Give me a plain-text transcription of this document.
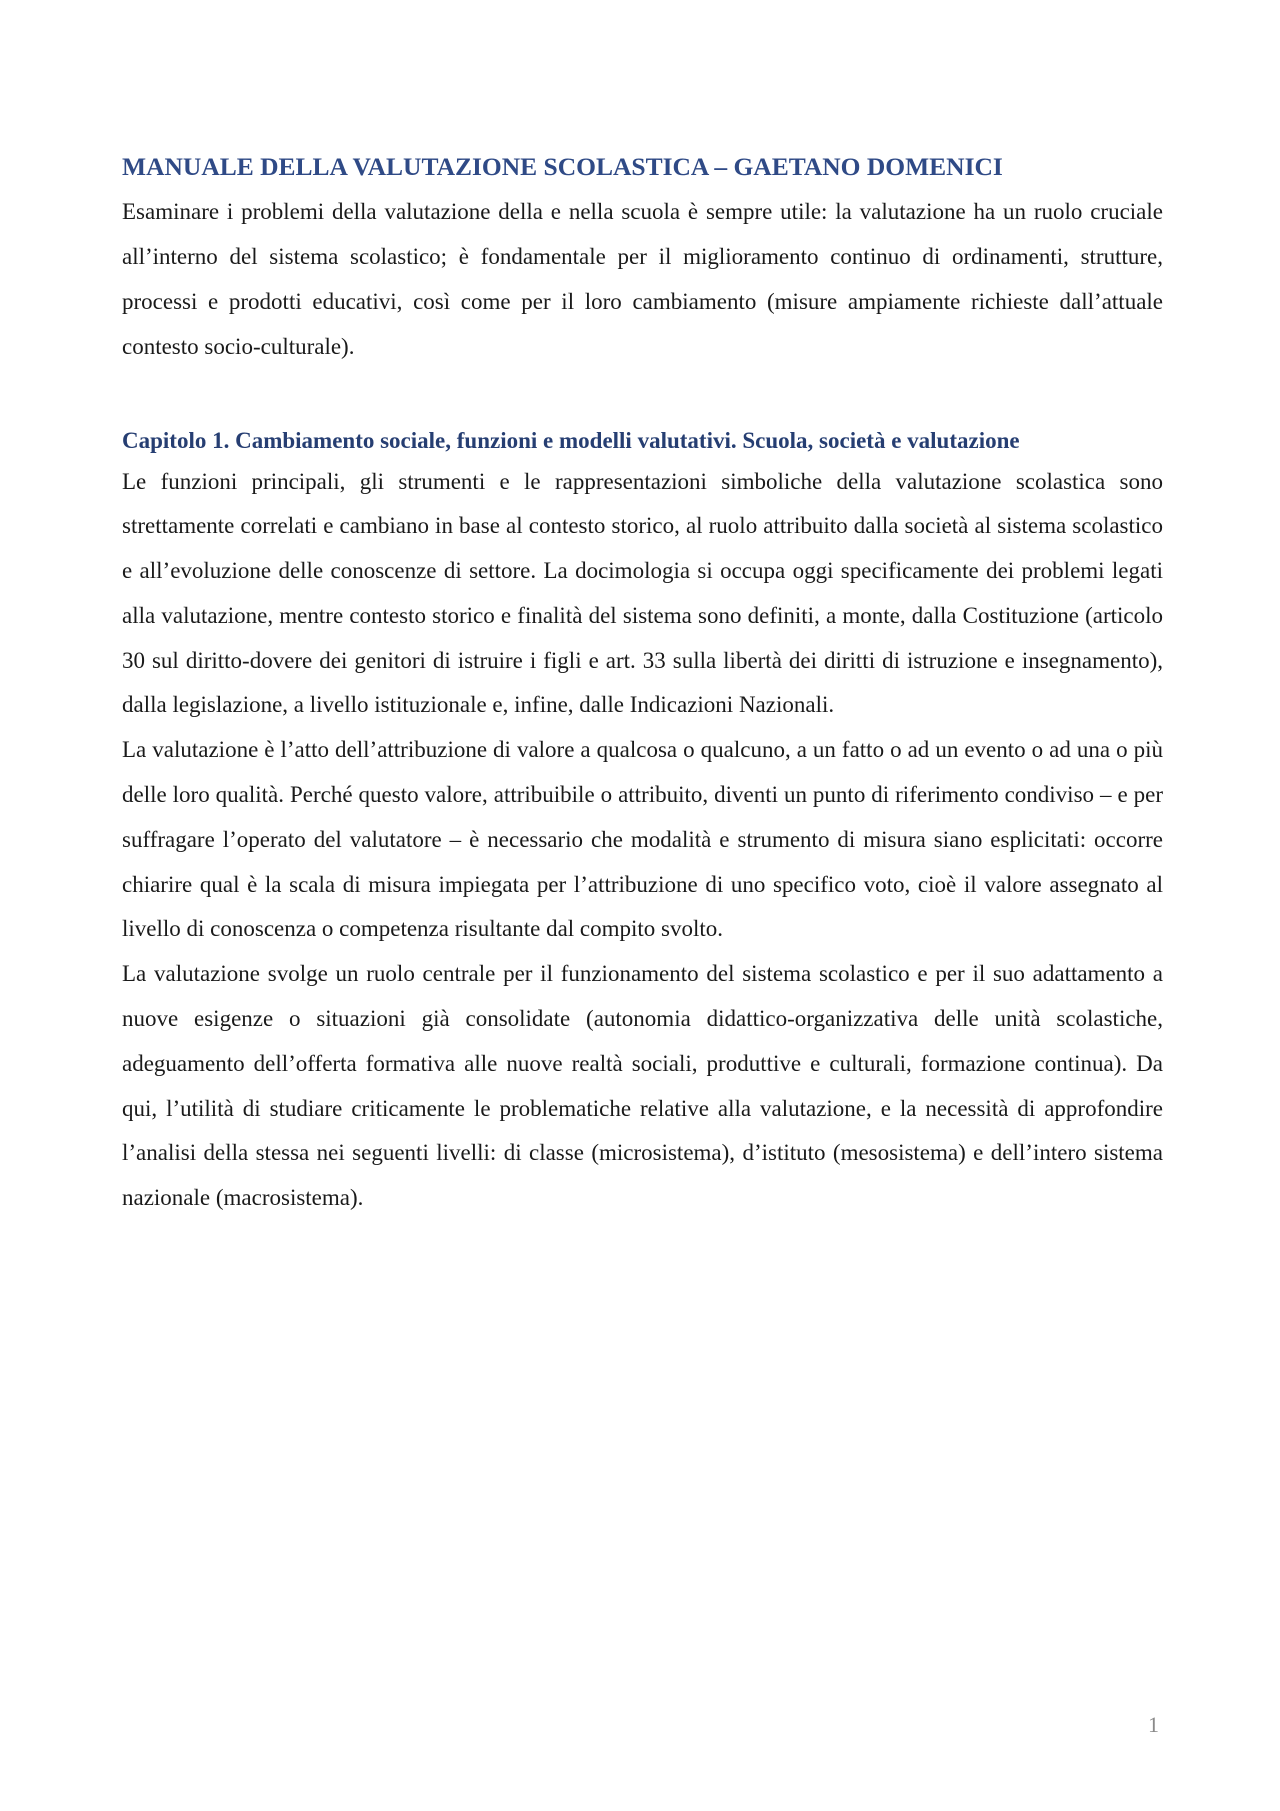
MANUALE DELLA VALUTAZIONE SCOLASTICA – GAETANO DOMENICI

Esaminare i problemi della valutazione della e nella scuola è sempre utile: la valutazione ha un ruolo cruciale all’interno del sistema scolastico; è fondamentale per il miglioramento continuo di ordinamenti, strutture, processi e prodotti educativi, così come per il loro cambiamento (misure ampiamente richieste dall’attuale contesto socio-culturale).

Capitolo 1. Cambiamento sociale, funzioni e modelli valutativi. Scuola, società e valutazione

Le funzioni principali, gli strumenti e le rappresentazioni simboliche della valutazione scolastica sono strettamente correlati e cambiano in base al contesto storico, al ruolo attribuito dalla società al sistema scolastico e all’evoluzione delle conoscenze di settore. La docimologia si occupa oggi specificamente dei problemi legati alla valutazione, mentre contesto storico e finalità del sistema sono definiti, a monte, dalla Costituzione (articolo 30 sul diritto-dovere dei genitori di istruire i figli e art. 33 sulla libertà dei diritti di istruzione e insegnamento), dalla legislazione, a livello istituzionale e, infine, dalle Indicazioni Nazionali.

La valutazione è l’atto dell’attribuzione di valore a qualcosa o qualcuno, a un fatto o ad un evento o ad una o più delle loro qualità. Perché questo valore, attribuibile o attribuito, diventi un punto di riferimento condiviso – e per suffragare l’operato del valutatore – è necessario che modalità e strumento di misura siano esplicitati: occorre chiarire qual è la scala di misura impiegata per l’attribuzione di uno specifico voto, cioè il valore assegnato al livello di conoscenza o competenza risultante dal compito svolto.

La valutazione svolge un ruolo centrale per il funzionamento del sistema scolastico e per il suo adattamento a nuove esigenze o situazioni già consolidate (autonomia didattico-organizzativa delle unità scolastiche, adeguamento dell’offerta formativa alle nuove realtà sociali, produttive e culturali, formazione continua). Da qui, l’utilità di studiare criticamente le problematiche relative alla valutazione, e la necessità di approfondire l’analisi della stessa nei seguenti livelli: di classe (microsistema), d’istituto (mesosistema) e dell’intero sistema nazionale (macrosistema).

1
